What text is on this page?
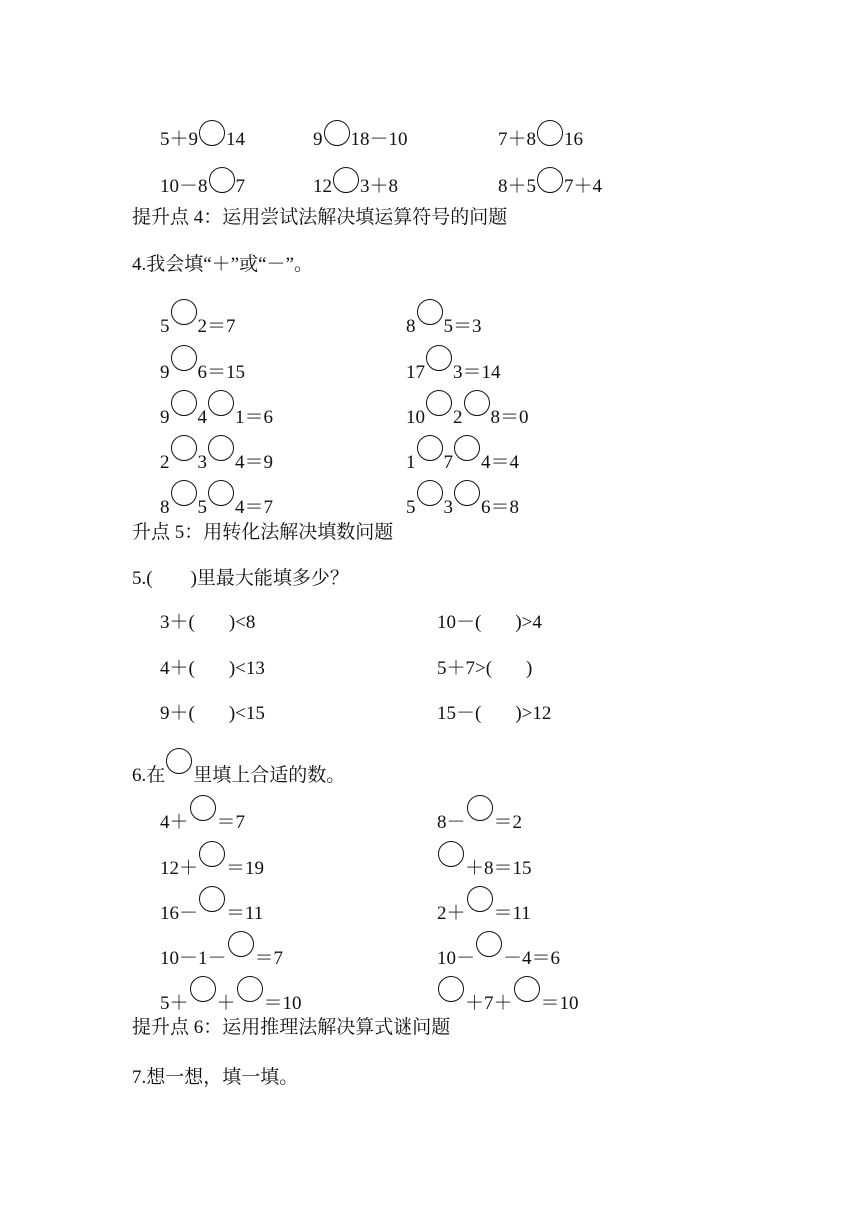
5＋9 14	9 18－10	7＋8 16
10－8 7	12 3＋8	8＋5 7＋4
提升点 4：运用尝试法解决填运算符号的问题
4.我会填“＋”或“－”。
5 2＝7	8 5＝3
9 6＝15	17 3＝14
9 4 1＝6	10 2 8＝0
2 3 4＝9	1 7 4＝4
8 5 4＝7	5 3 6＝8
升点 5：用转化法解决填数问题
5.(　　)里最大能填多少？
3＋( )<8	10－( )>4
4＋( )<13	5＋7>( )
9＋( )<15	15－( )>12
6.在 里填上合适的数。
4＋ ＝7	8－ ＝2
12＋ ＝19	＋8＝15
16－ ＝11	2＋ ＝11
10－1－ ＝7	10－ －4＝6
5＋ ＋ ＝10	＋7＋ ＝10
提升点 6：运用推理法解决算式谜问题
7.想一想，填一填。
